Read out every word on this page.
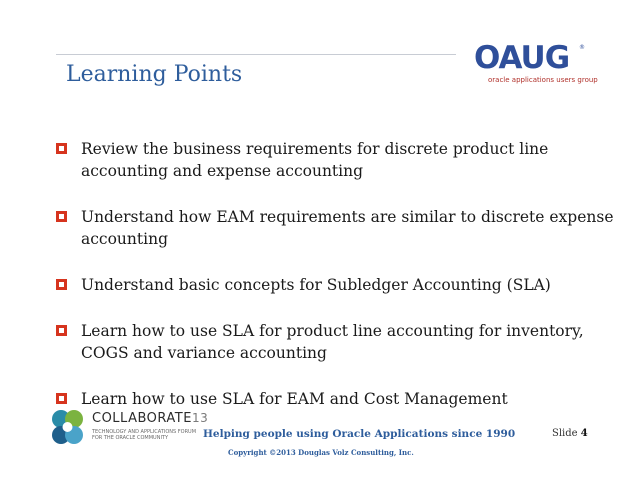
Learning Points	OAUG ®
oracle applications users group
Review the business requirements for discrete product line
accounting and expense accounting
Understand how EAM requirements are similar to discrete expense
accounting
Understand basic concepts for Subledger Accounting (SLA)
Learn how to use SLA for product line accounting for inventory,
COGS and variance accounting
Learn how to use SLA for EAM and Cost Management
COLLABORATE13
TECHNOLOGY AND APPLICATIONS FORUM
FOR THE ORACLE COMMUNITY	Helping people using Oracle Applications since 1990	Slide 4
Copyright ©2013 Douglas Volz Consulting, Inc.
